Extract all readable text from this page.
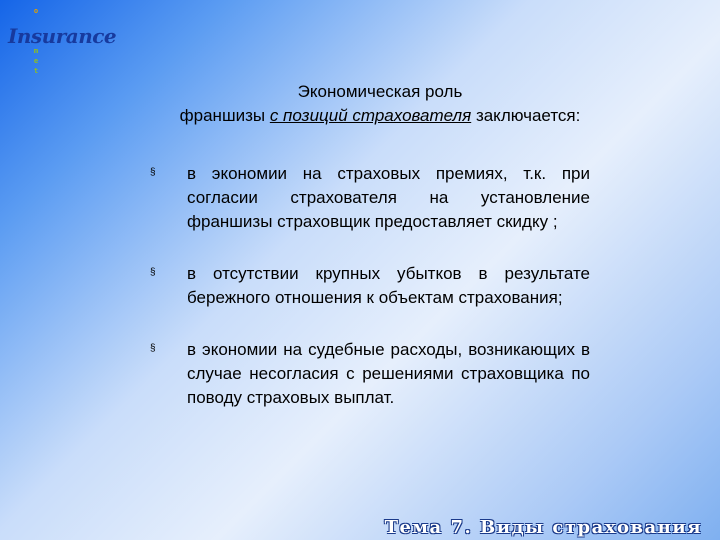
o
m
e
t
Insurance
Экономическая роль
франшизы с позиций страхователя заключается:
§
в экономии на страховых премиях, т.к. при согласии страхователя на установление франшизы страховщик предоставляет скидку ;
§
в отсутствии крупных убытков в результате бережного отношения к объектам страхования;
§
в экономии на судебные расходы, возникающих в случае несогласия с решениями страховщика по поводу страховых выплат.
Тема 7. Виды страхования
